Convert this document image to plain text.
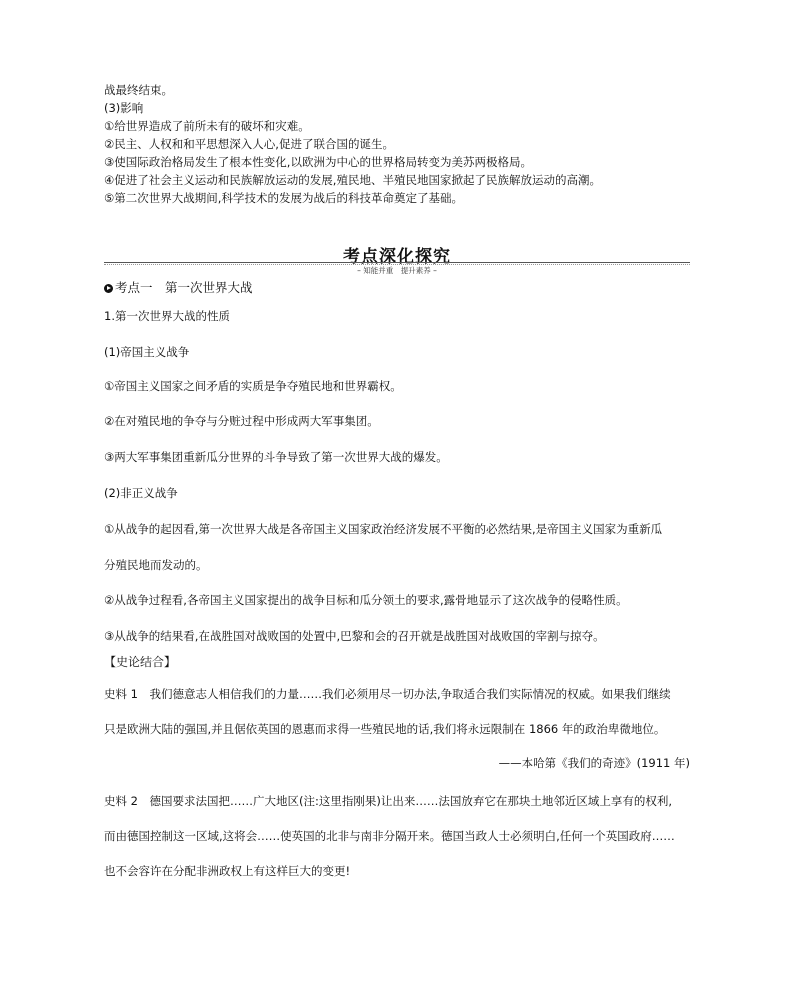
战最终结束。
(3)影响
①给世界造成了前所未有的破坏和灾难。
②民主、人权和和平思想深入人心,促进了联合国的诞生。
③使国际政治格局发生了根本性变化,以欧洲为中心的世界格局转变为美苏两极格局。
④促进了社会主义运动和民族解放运动的发展,殖民地、半殖民地国家掀起了民族解放运动的高潮。
⑤第二次世界大战期间,科学技术的发展为战后的科技革命奠定了基础。
考点深化探究
– 知能并重　提升素养 –
考点一　第一次世界大战
1.第一次世界大战的性质
(1)帝国主义战争
①帝国主义国家之间矛盾的实质是争夺殖民地和世界霸权。
②在对殖民地的争夺与分赃过程中形成两大军事集团。
③两大军事集团重新瓜分世界的斗争导致了第一次世界大战的爆发。
(2)非正义战争
①从战争的起因看,第一次世界大战是各帝国主义国家政治经济发展不平衡的必然结果,是帝国主义国家为重新瓜
分殖民地而发动的。
②从战争过程看,各帝国主义国家提出的战争目标和瓜分领土的要求,露骨地显示了这次战争的侵略性质。
③从战争的结果看,在战胜国对战败国的处置中,巴黎和会的召开就是战胜国对战败国的宰割与掠夺。
【史论结合】
史料 1　我们德意志人相信我们的力量……我们必须用尽一切办法,争取适合我们实际情况的权威。如果我们继续
只是欧洲大陆的强国,并且倨依英国的恩惠而求得一些殖民地的话,我们将永远限制在 1866 年的政治卑微地位。
——本哈第《我们的奇迹》(1911 年)
史料 2　德国要求法国把……广大地区(注:这里指刚果)让出来……法国放弃它在那块土地邻近区域上享有的权利,
而由德国控制这一区域,这将会……使英国的北非与南非分隔开来。德国当政人士必须明白,任何一个英国政府……
也不会容许在分配非洲政权上有这样巨大的变更!
